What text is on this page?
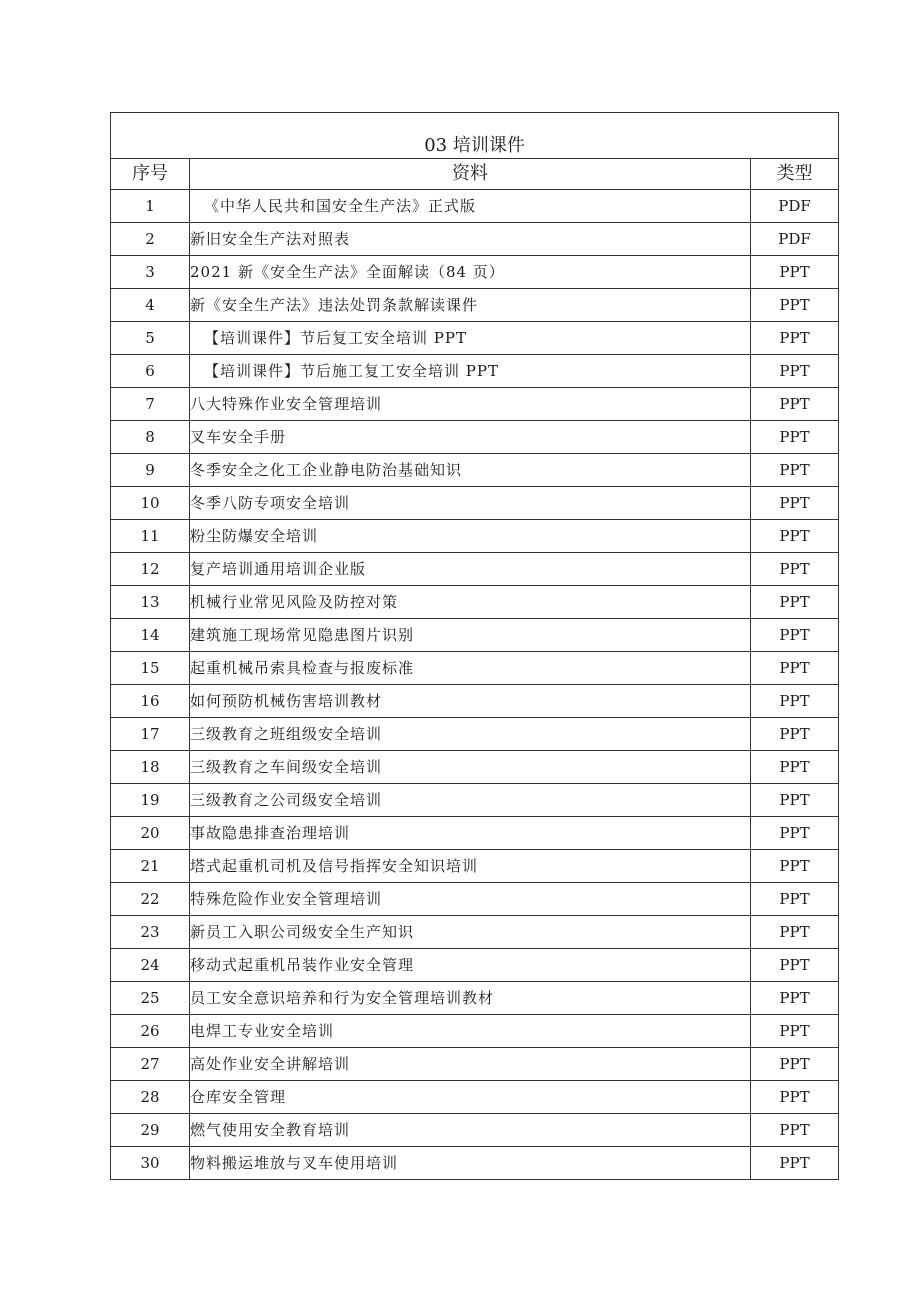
03 培训课件		
序号	资料	类型
1	《中华人民共和国安全生产法》正式版	PDF
2	新旧安全生产法对照表	PDF
3	2021 新《安全生产法》全面解读（84 页）	PPT
4	新《安全生产法》违法处罚条款解读课件	PPT
5	【培训课件】节后复工安全培训 PPT	PPT
6	【培训课件】节后施工复工安全培训 PPT	PPT
7	八大特殊作业安全管理培训	PPT
8	叉车安全手册	PPT
9	冬季安全之化工企业静电防治基础知识	PPT
10	冬季八防专项安全培训	PPT
11	粉尘防爆安全培训	PPT
12	复产培训通用培训企业版	PPT
13	机械行业常见风险及防控对策	PPT
14	建筑施工现场常见隐患图片识别	PPT
15	起重机械吊索具检查与报废标准	PPT
16	如何预防机械伤害培训教材	PPT
17	三级教育之班组级安全培训	PPT
18	三级教育之车间级安全培训	PPT
19	三级教育之公司级安全培训	PPT
20	事故隐患排查治理培训	PPT
21	塔式起重机司机及信号指挥安全知识培训	PPT
22	特殊危险作业安全管理培训	PPT
23	新员工入职公司级安全生产知识	PPT
24	移动式起重机吊装作业安全管理	PPT
25	员工安全意识培养和行为安全管理培训教材	PPT
26	电焊工专业安全培训	PPT
27	高处作业安全讲解培训	PPT
28	仓库安全管理	PPT
29	燃气使用安全教育培训	PPT
30	物料搬运堆放与叉车使用培训	PPT
